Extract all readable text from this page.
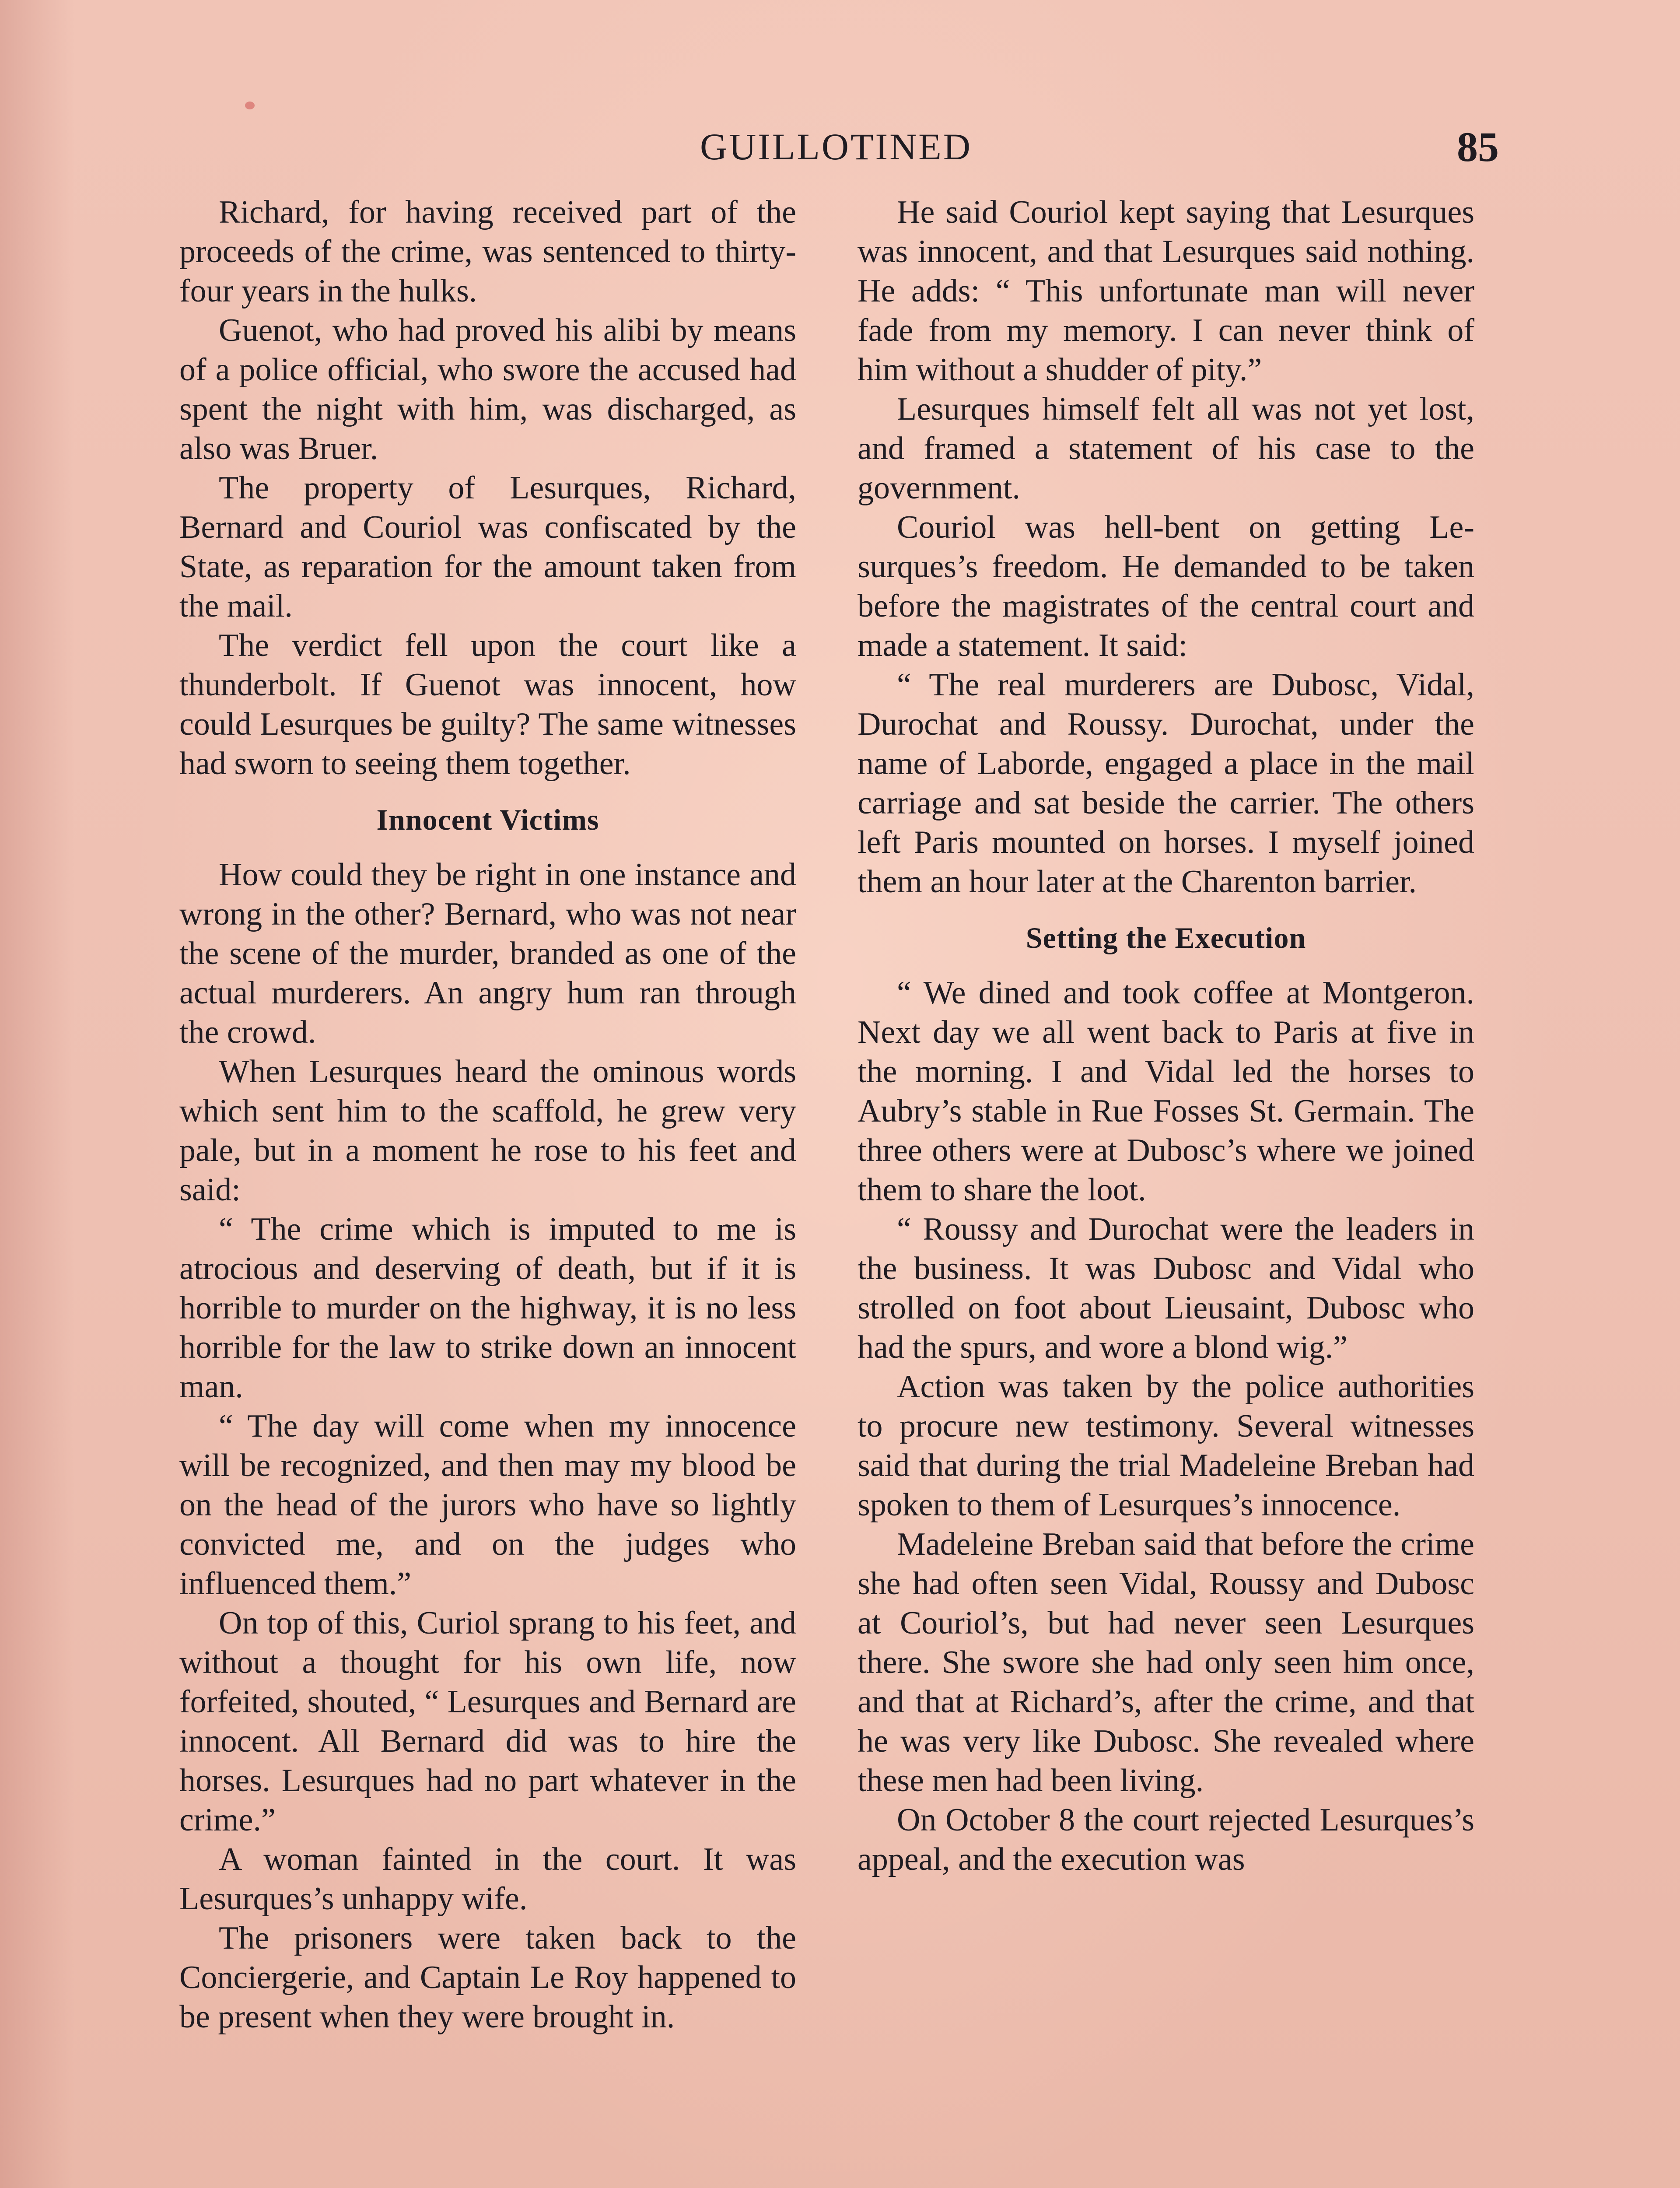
GUILLOTINED	85

Richard, for having received part of the proceeds of the crime, was sentenced to thirty-four years in the hulks.

Guenot, who had proved his alibi by means of a police official, who swore the accused had spent the night with him, was discharged, as also was Bruer.

The property of Lesurques, Richard, Bernard and Couriol was confiscated by the State, as reparation for the amount taken from the mail.

The verdict fell upon the court like a thunderbolt. If Guenot was innocent, how could Lesurques be guilty? The same witnesses had sworn to seeing them together.

Innocent Victims

How could they be right in one instance and wrong in the other? Bernard, who was not near the scene of the murder, branded as one of the actual murderers. An angry hum ran through the crowd.

When Lesurques heard the ominous words which sent him to the scaffold, he grew very pale, but in a moment he rose to his feet and said:

“ The crime which is imputed to me is atrocious and deserving of death, but if it is horrible to murder on the highway, it is no less horrible for the law to strike down an innocent man.

“ The day will come when my innocence will be recognized, and then may my blood be on the head of the jurors who have so lightly convicted me, and on the judges who influenced them.”

On top of this, Curiol sprang to his feet, and without a thought for his own life, now forfeited, shouted, “ Lesurques and Bernard are innocent. All Bernard did was to hire the horses. Lesurques had no part whatever in the crime.”

A woman fainted in the court. It was Lesurques’s unhappy wife.

The prisoners were taken back to the Conciergerie, and Captain Le Roy happened to be present when they were brought in.

He said Couriol kept saying that Lesurques was innocent, and that Lesurques said nothing. He adds: “ This unfortunate man will never fade from my memory. I can never think of him without a shudder of pity.”

Lesurques himself felt all was not yet lost, and framed a statement of his case to the government.

Couriol was hell-bent on getting Lesurques’s freedom. He demanded to be taken before the magistrates of the central court and made a statement. It said:

“ The real murderers are Dubosc, Vidal, Durochat and Roussy. Durochat, under the name of Laborde, engaged a place in the mail carriage and sat beside the carrier. The others left Paris mounted on horses. I myself joined them an hour later at the Charenton barrier.

Setting the Execution

“ We dined and took coffee at Montgeron. Next day we all went back to Paris at five in the morning. I and Vidal led the horses to Aubry’s stable in Rue Fosses St. Germain. The three others were at Dubosc’s where we joined them to share the loot.

“ Roussy and Durochat were the leaders in the business. It was Dubosc and Vidal who strolled on foot about Lieusaint, Dubosc who had the spurs, and wore a blond wig.”

Action was taken by the police authorities to procure new testimony. Several witnesses said that during the trial Madeleine Breban had spoken to them of Lesurques’s innocence.

Madeleine Breban said that before the crime she had often seen Vidal, Roussy and Dubosc at Couriol’s, but had never seen Lesurques there. She swore she had only seen him once, and that at Richard’s, after the crime, and that he was very like Dubosc. She revealed where these men had been living.

On October 8 the court rejected Lesurques’s appeal, and the execution was
